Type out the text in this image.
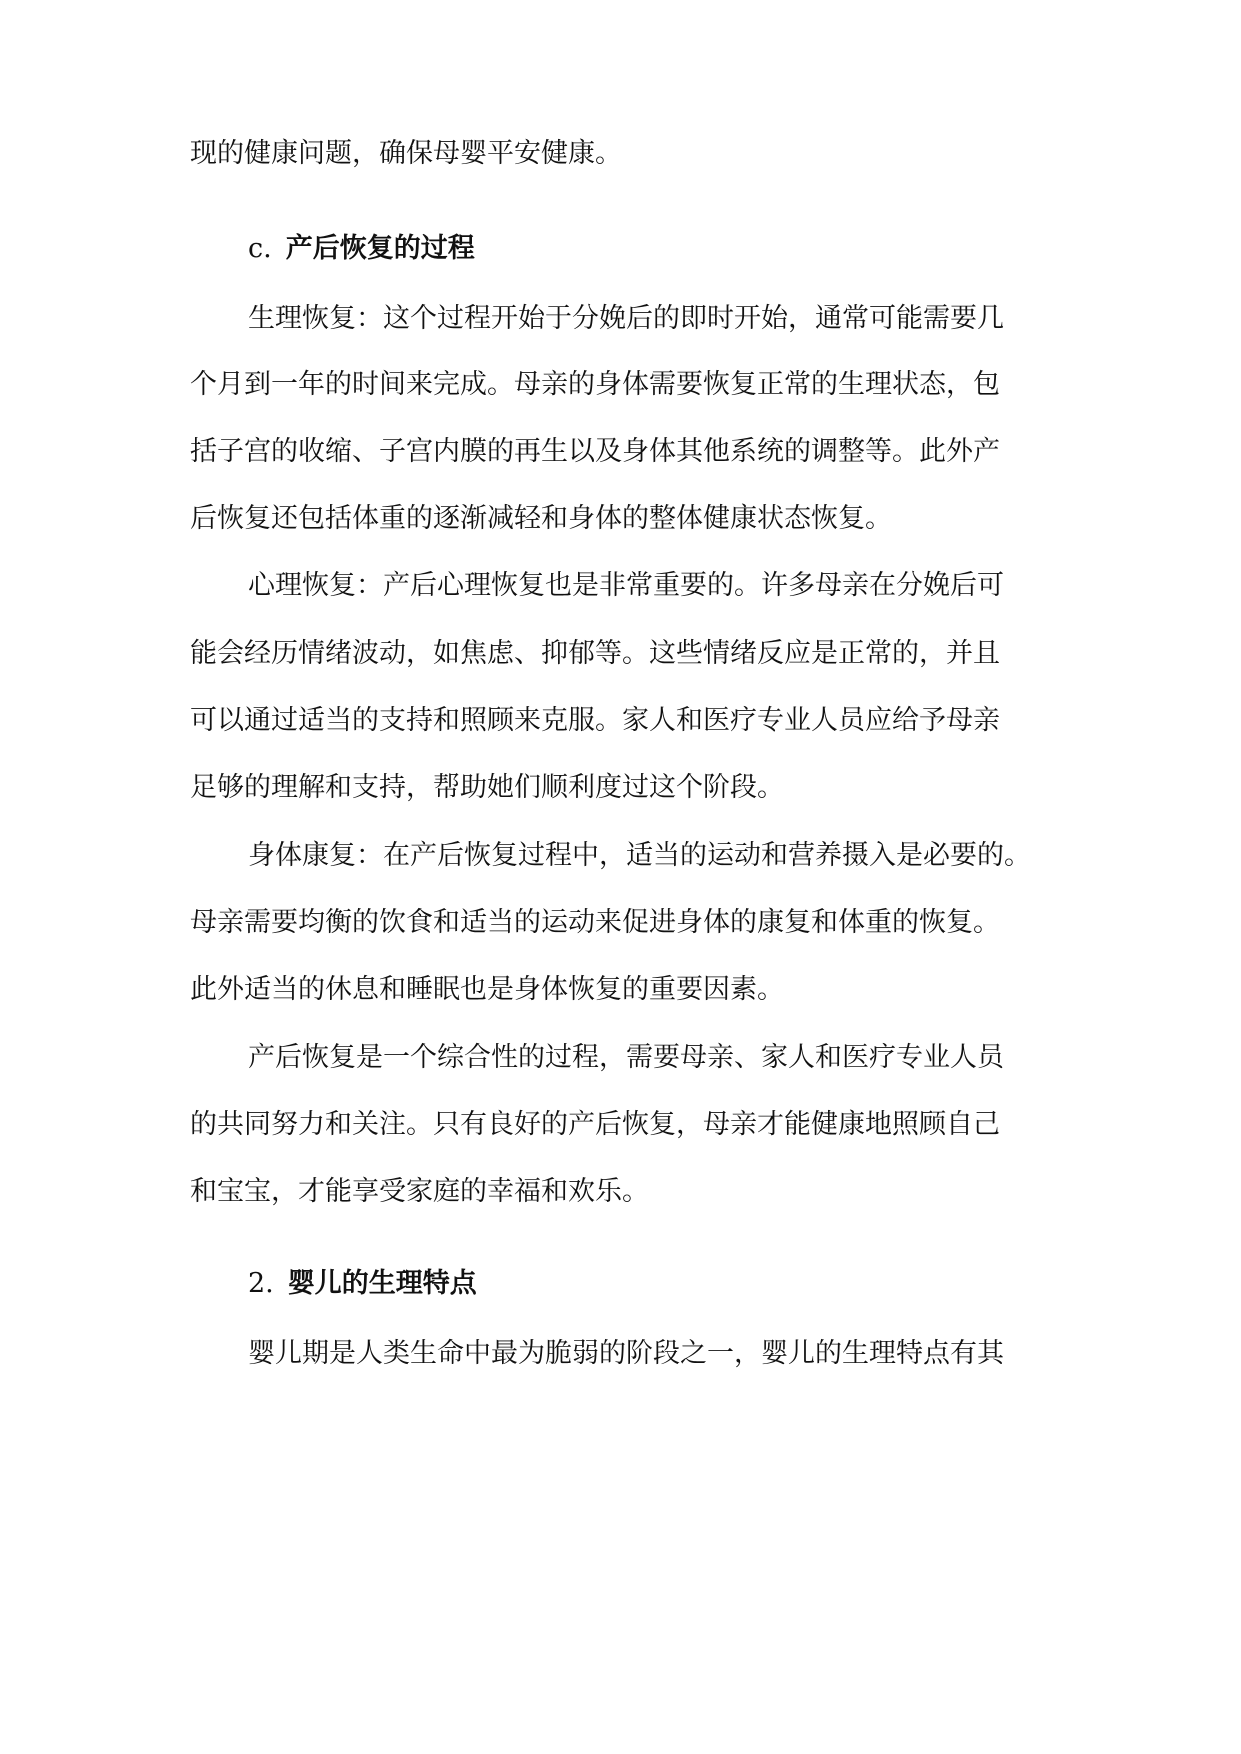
现的健康问题，确保母婴平安健康。
c. 产后恢复的过程
生理恢复：这个过程开始于分娩后的即时开始，通常可能需要几
个月到一年的时间来完成。母亲的身体需要恢复正常的生理状态，包
括子宫的收缩、子宫内膜的再生以及身体其他系统的调整等。此外产
后恢复还包括体重的逐渐减轻和身体的整体健康状态恢复。
心理恢复：产后心理恢复也是非常重要的。许多母亲在分娩后可
能会经历情绪波动，如焦虑、抑郁等。这些情绪反应是正常的，并且
可以通过适当的支持和照顾来克服。家人和医疗专业人员应给予母亲
足够的理解和支持，帮助她们顺利度过这个阶段。
身体康复：在产后恢复过程中，适当的运动和营养摄入是必要的。
母亲需要均衡的饮食和适当的运动来促进身体的康复和体重的恢复。
此外适当的休息和睡眠也是身体恢复的重要因素。
产后恢复是一个综合性的过程，需要母亲、家人和医疗专业人员
的共同努力和关注。只有良好的产后恢复，母亲才能健康地照顾自己
和宝宝，才能享受家庭的幸福和欢乐。
2. 婴儿的生理特点
婴儿期是人类生命中最为脆弱的阶段之一，婴儿的生理特点有其
